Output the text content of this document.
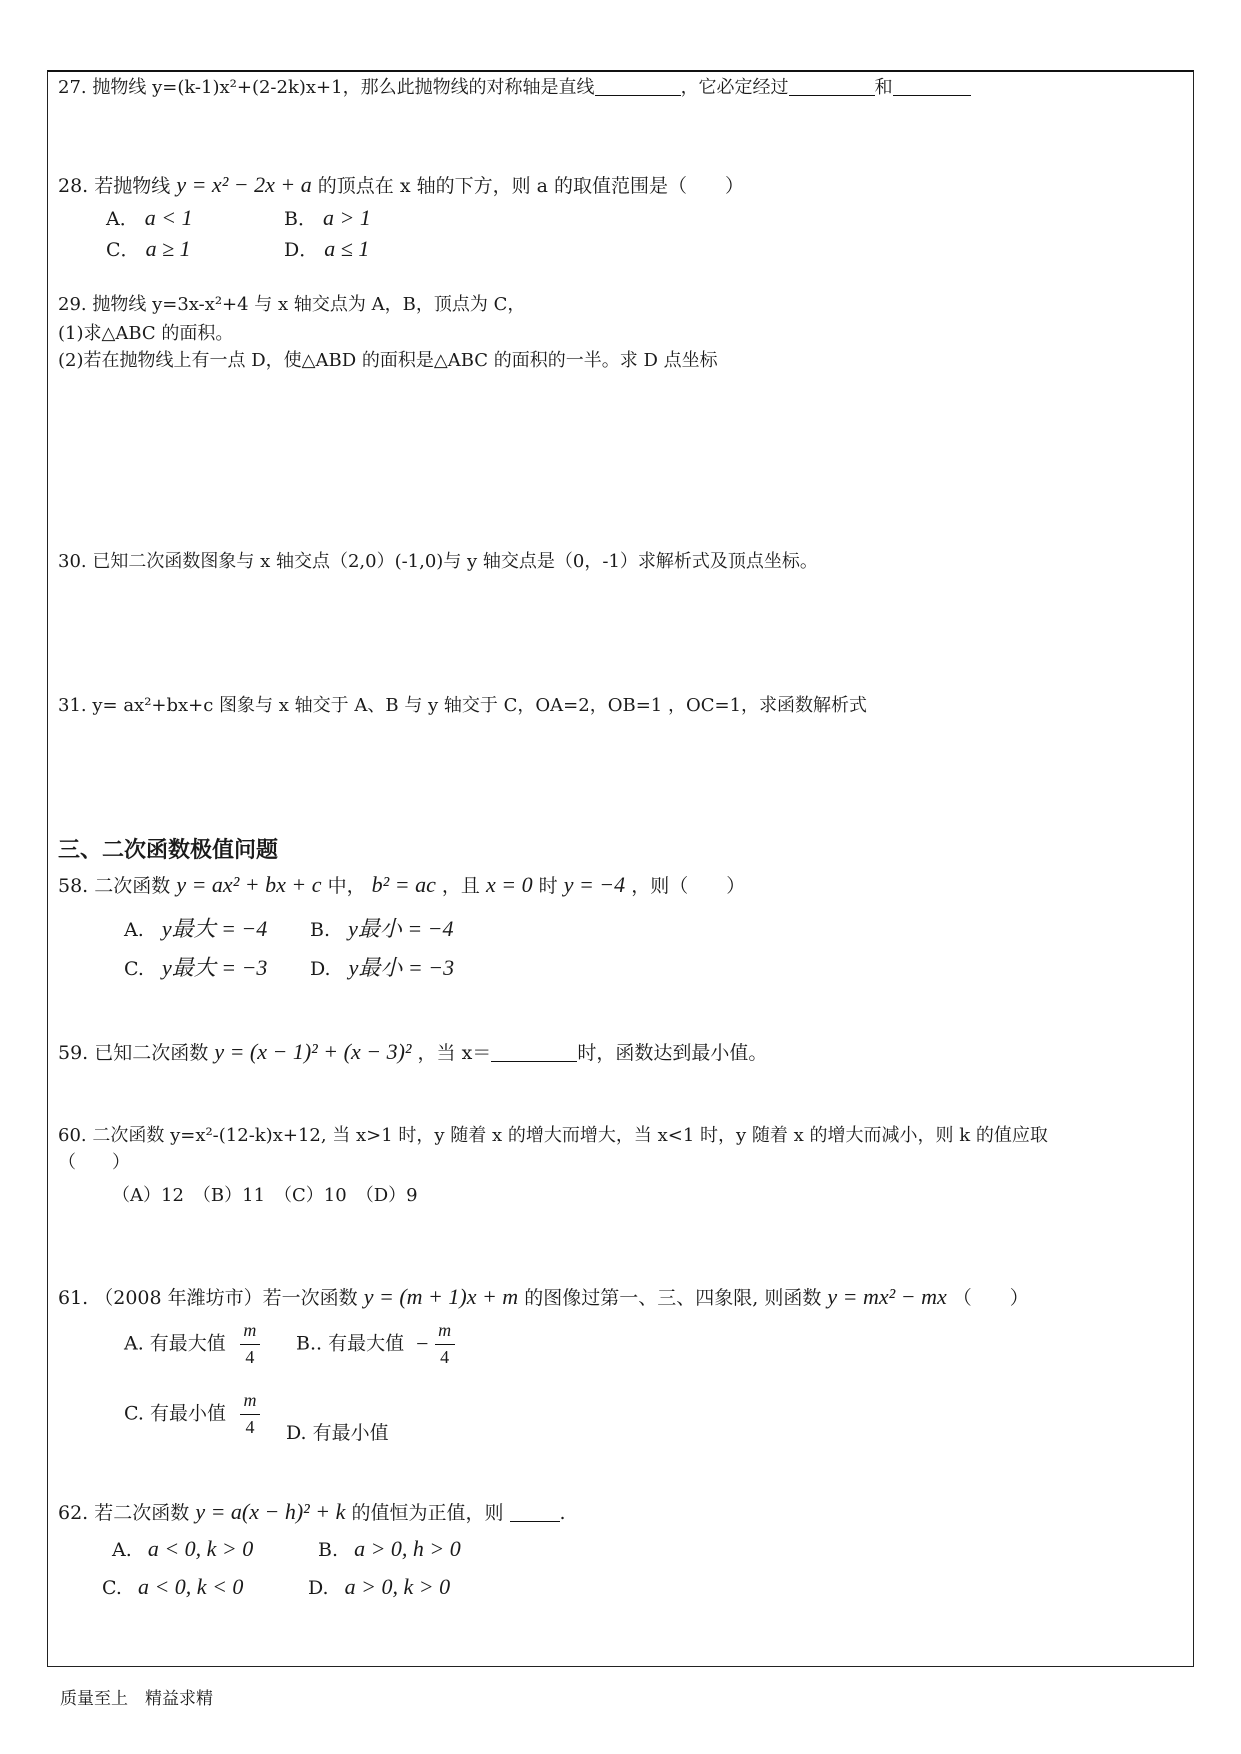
27. 抛物线 y=(k-1)x²+(2-2k)x+1，那么此抛物线的对称轴是直线	，它必定经过	和
28. 若抛物线 y = x² − 2x + a 的顶点在 x 轴的下方，则 a 的取值范围是（　　）
A． a < 1	B． a > 1
C． a ≥ 1	D． a ≤ 1
29. 抛物线 y=3x-x²+4 与 x 轴交点为 A，B，顶点为 C，
(1)求△ABC 的面积。
(2)若在抛物线上有一点 D，使△ABD 的面积是△ABC 的面积的一半。求 D 点坐标
30. 已知二次函数图象与 x 轴交点（2,0）(-1,0)与 y 轴交点是（0，-1）求解析式及顶点坐标。
31. y= ax²+bx+c 图象与 x 轴交于 A、B 与 y 轴交于 C，OA=2，OB=1 ，OC=1，求函数解析式
三、二次函数极值问题
58. 二次函数 y = ax² + bx + c 中， b² = ac ，且 x = 0 时 y = −4 ，则（　　）
A. y最大 = −4 B. y最小 = −4
C. y最大 = −3 D. y最小 = −3
59. 已知二次函数 y = (x − 1)² + (x − 3)² ，当 x＝	时，函数达到最小值。
60. 二次函数 y=x²-(12-k)x+12, 当 x>1 时，y 随着 x 的增大而增大，当 x<1 时，y 随着 x 的增大而减小，则 k 的值应取
（　　）
（A）12　（B）11　（C）10　（D）9
61. （2008 年潍坊市）若一次函数 y = (m + 1)x + m 的图像过第一、三、四象限, 则函数 y = mx² − mx （　　）
A. 有最大值 $\frac{m}{4} B$.. 有最大值 − $\frac{m}{4}$
C. 有最小值 $\frac{m}{4} D$. 有最小值
62. 若二次函数 y = a(x − h)² + k 的值恒为正值，则	.
A. a < 0, k > 0	B. a > 0, h > 0
C. a < 0, k < 0	D. a > 0, k > 0
质量至上　精益求精
